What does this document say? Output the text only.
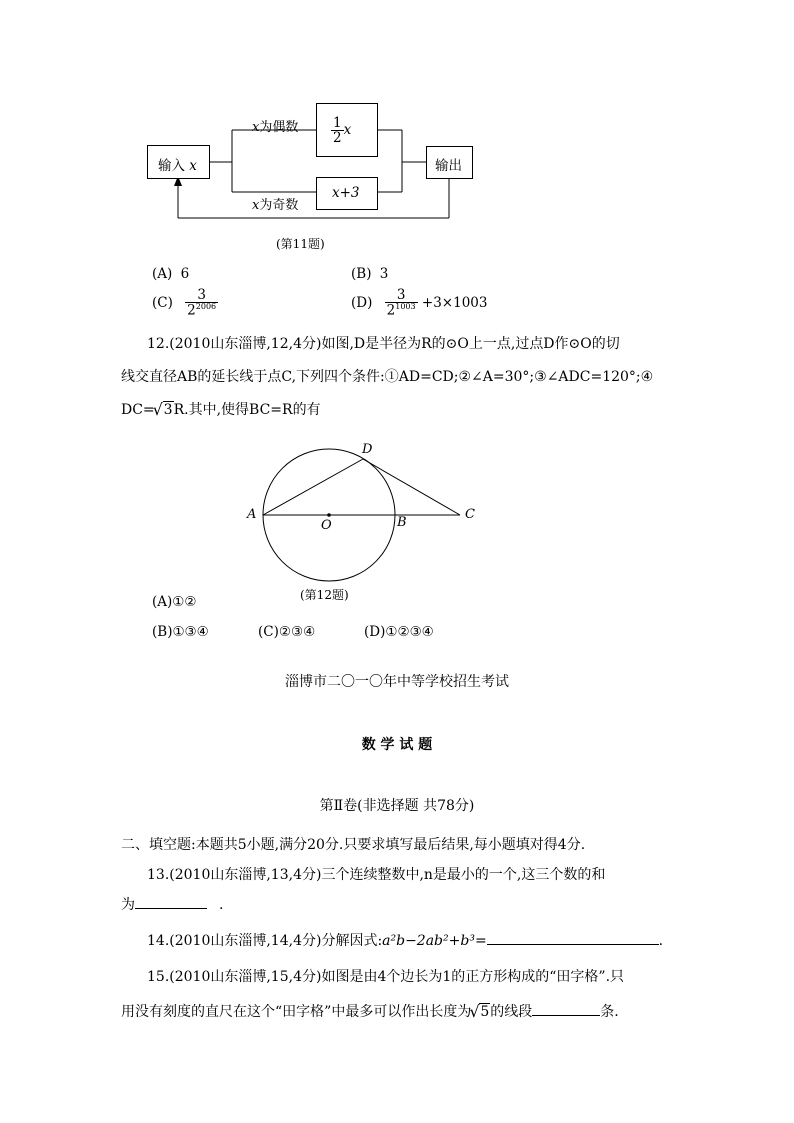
输入 x
x为偶数
x为奇数
$\frac{1}{2}$ x
x+3
输出
(第11题)
(A) 6	(B) 3
$(C) \frac{3}{2^{2006}}$	$(D) \frac{3}{2^{1003}} +3\times 1003$
12.(2010山东淄博,12,4分)如图,D是半径为R的⊙O上一点,过点D作⊙O的切
线交直径AB的延长线于点C,下列四个条件:①AD=CD;②∠A=30°;③∠ADC=120°;④
DC= √ 3R.其中,使得BC=R的有
A
O	B
C
D
(第12题)
(A)①②
(B)①③④	(C)②③④	(D)①②③④
淄博市二〇一〇年中等学校招生考试
数 学 试 题
第Ⅱ卷(非选择题 共78分)
二、填空题:本题共5小题,满分20分.只要求填写最后结果,每小题填对得4分.
13.(2010山东淄博,13,4分)三个连续整数中,n是最小的一个,这三个数的和
为	.
14.(2010山东淄博,14,4分)分解因式:a²b−2ab²+b³=	.
15.(2010山东淄博,15,4分)如图是由4个边长为1的正方形构成的“田字格”.只
用没有刻度的直尺在这个“田字格”中最多可以作出长度为 √ 5的线段	条.
